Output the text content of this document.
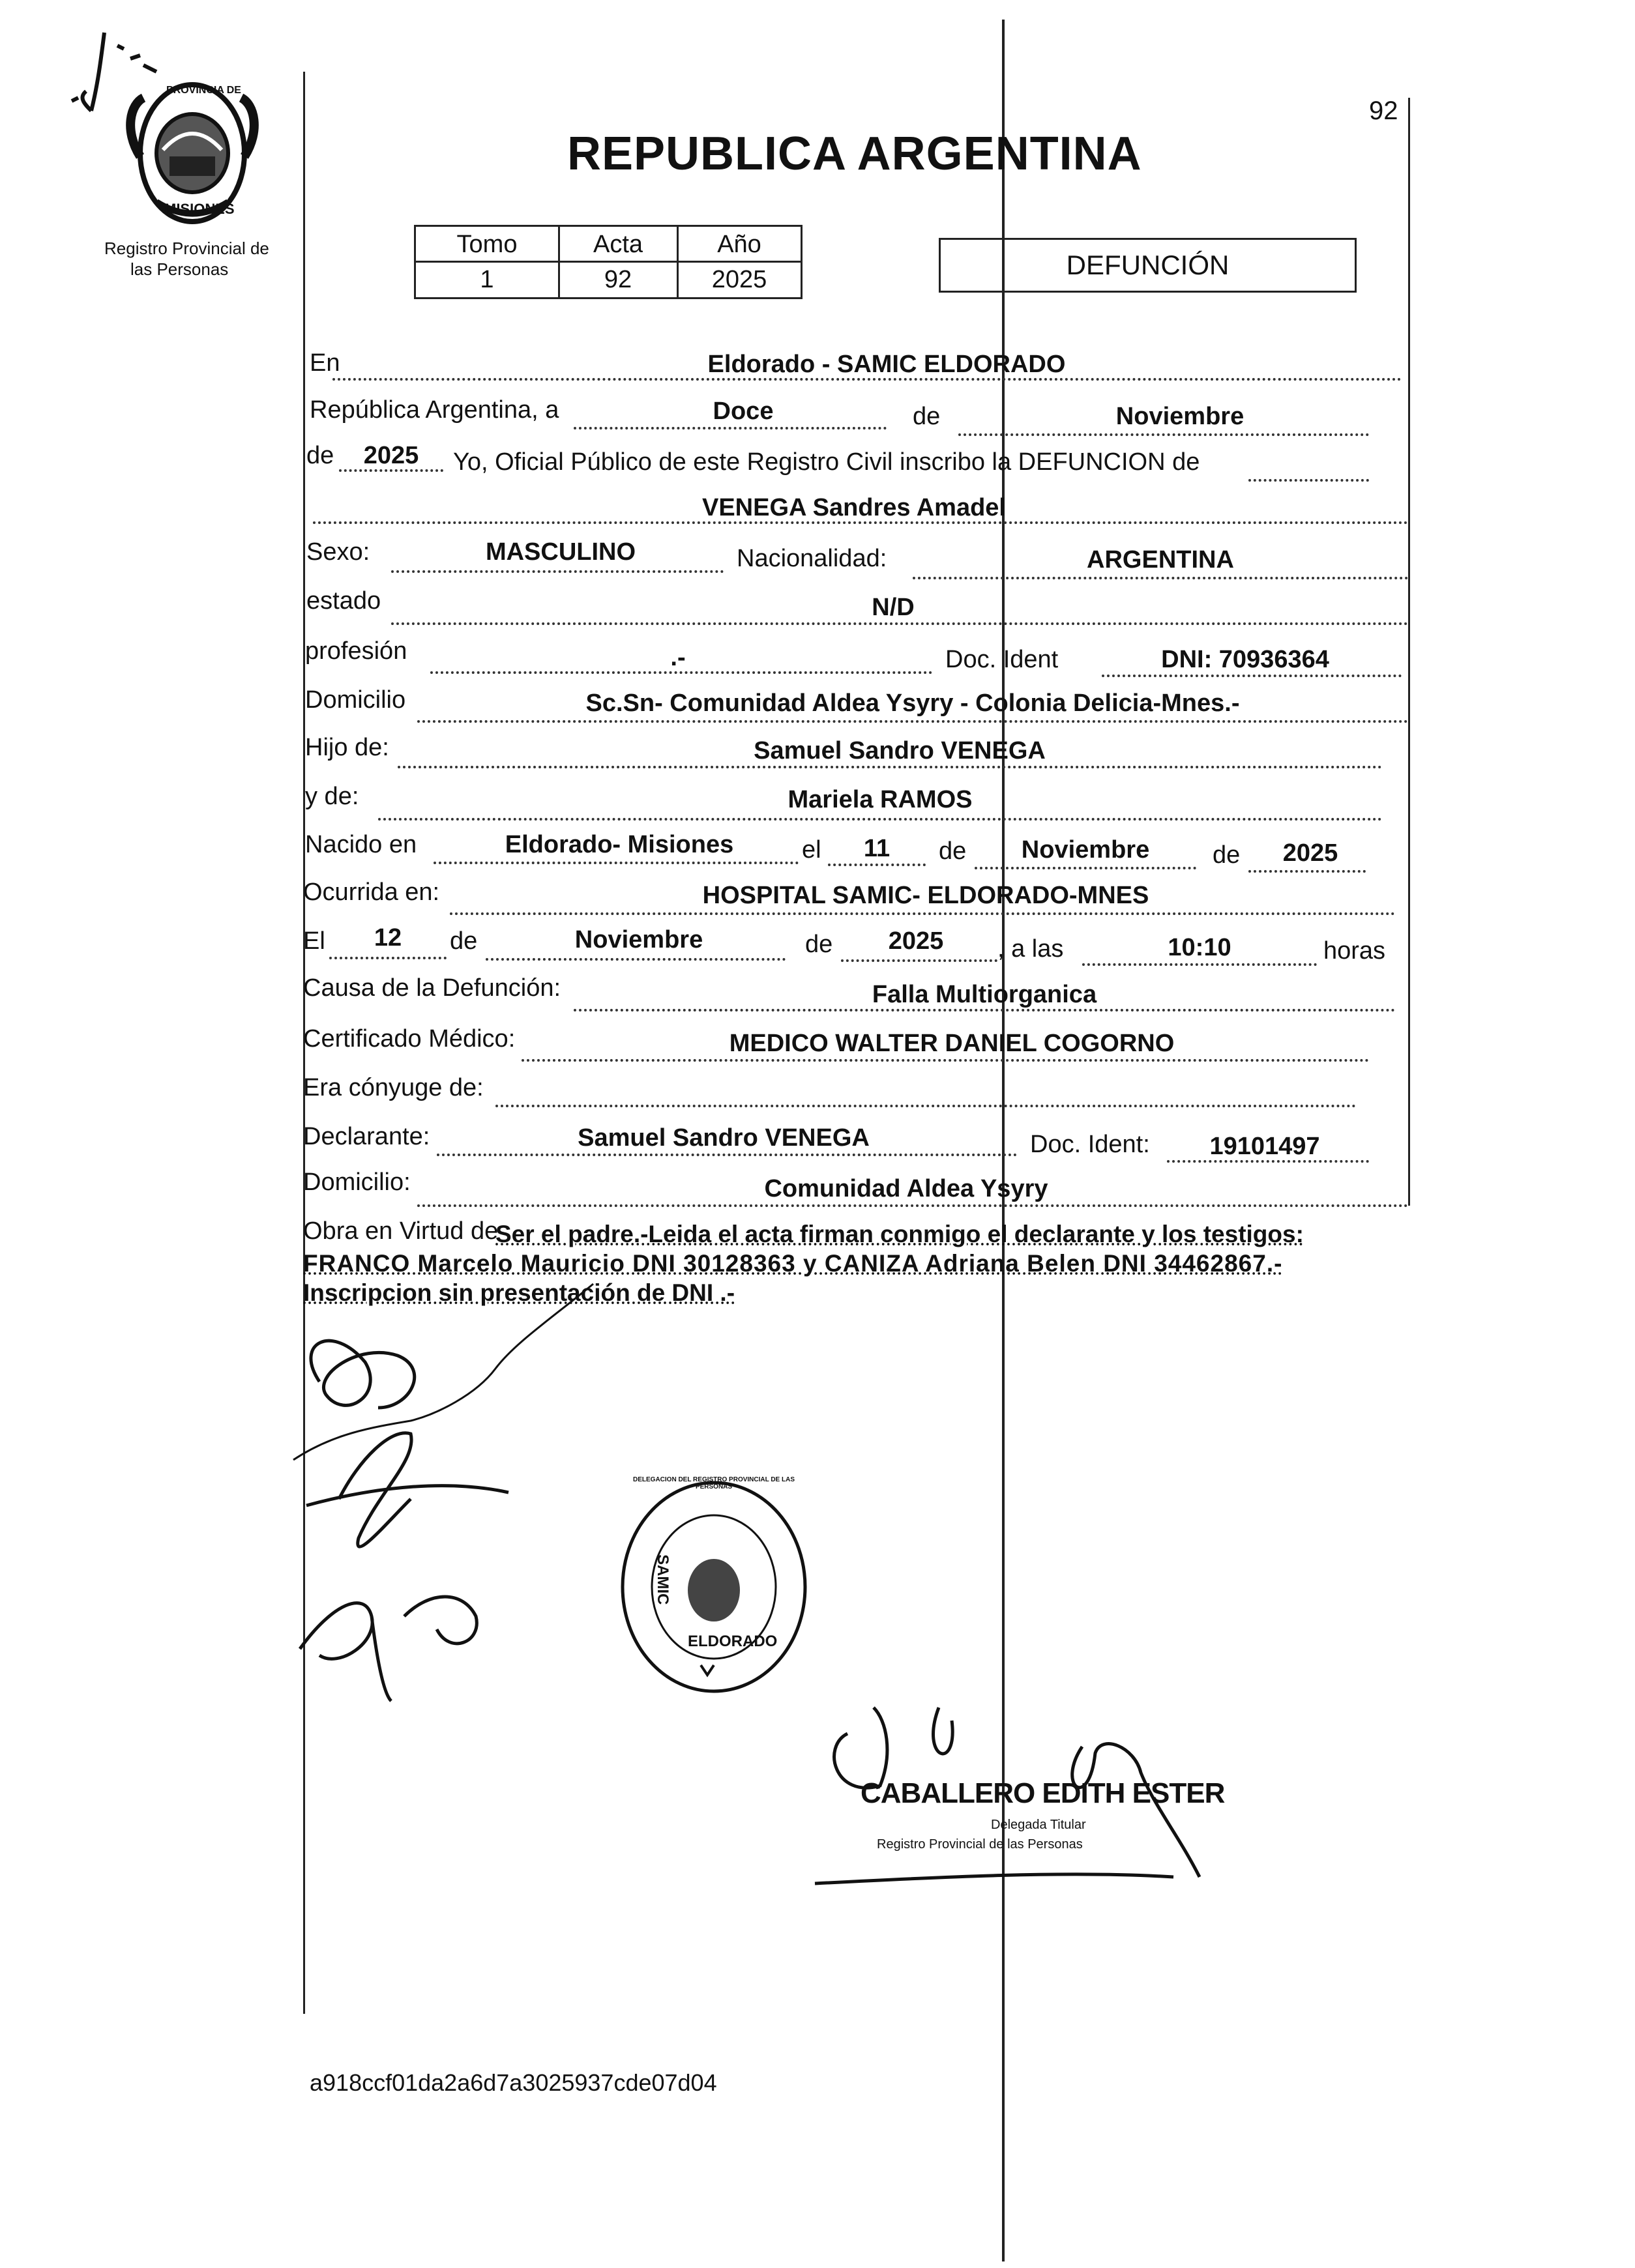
PROVINCIA DE
MISIONES
Registro Provincial de
las Personas
92
REPUBLICA ARGENTINA
Tomo	Acta	Año
1	92	2025	DEFUNCIÓN
En	Eldorado - SAMIC ELDORADO
República Argentina, a	Doce	de	Noviembre
de	2025	Yo, Oficial Público de este Registro Civil inscribo la DEFUNCION de
VENEGA Sandres Amadel
Sexo:	MASCULINO	Nacionalidad:	ARGENTINA
estado	N/D
profesión	.-	Doc. Ident	DNI: 70936364
Domicilio	Sc.Sn- Comunidad Aldea Ysyry - Colonia Delicia-Mnes.-
Hijo de:	Samuel Sandro VENEGA
y de:	Mariela RAMOS
Nacido en	Eldorado- Misiones	el	11	de	Noviembre	de	2025
Ocurrida en:	HOSPITAL SAMIC- ELDORADO-MNES
El	12	de	Noviembre	de	2025	, a las	10:10	horas
Causa de la Defunción:	Falla Multiorganica
Certificado Médico:	MEDICO WALTER DANIEL COGORNO
Era cónyuge de:
Declarante:	Samuel Sandro VENEGA	Doc. Ident:	19101497
Domicilio:	Comunidad Aldea Ysyry
Obra en Virtud de
Ser el padre.-Leida el acta firman conmigo el declarante y los testigos:
FRANCO Marcelo Mauricio DNI 30128363 y CANIZA Adriana Belen DNI 34462867.-
Inscripcion sin presentación de DNI .-
DELEGACION DEL REGISTRO PROVINCIAL DE LAS PERSONAS
SAMIC
ELDORADO
CABALLERO EDITH ESTER
Delegada Titular
Registro Provincial de las Personas
a918ccf01da2a6d7a3025937cde07d04
